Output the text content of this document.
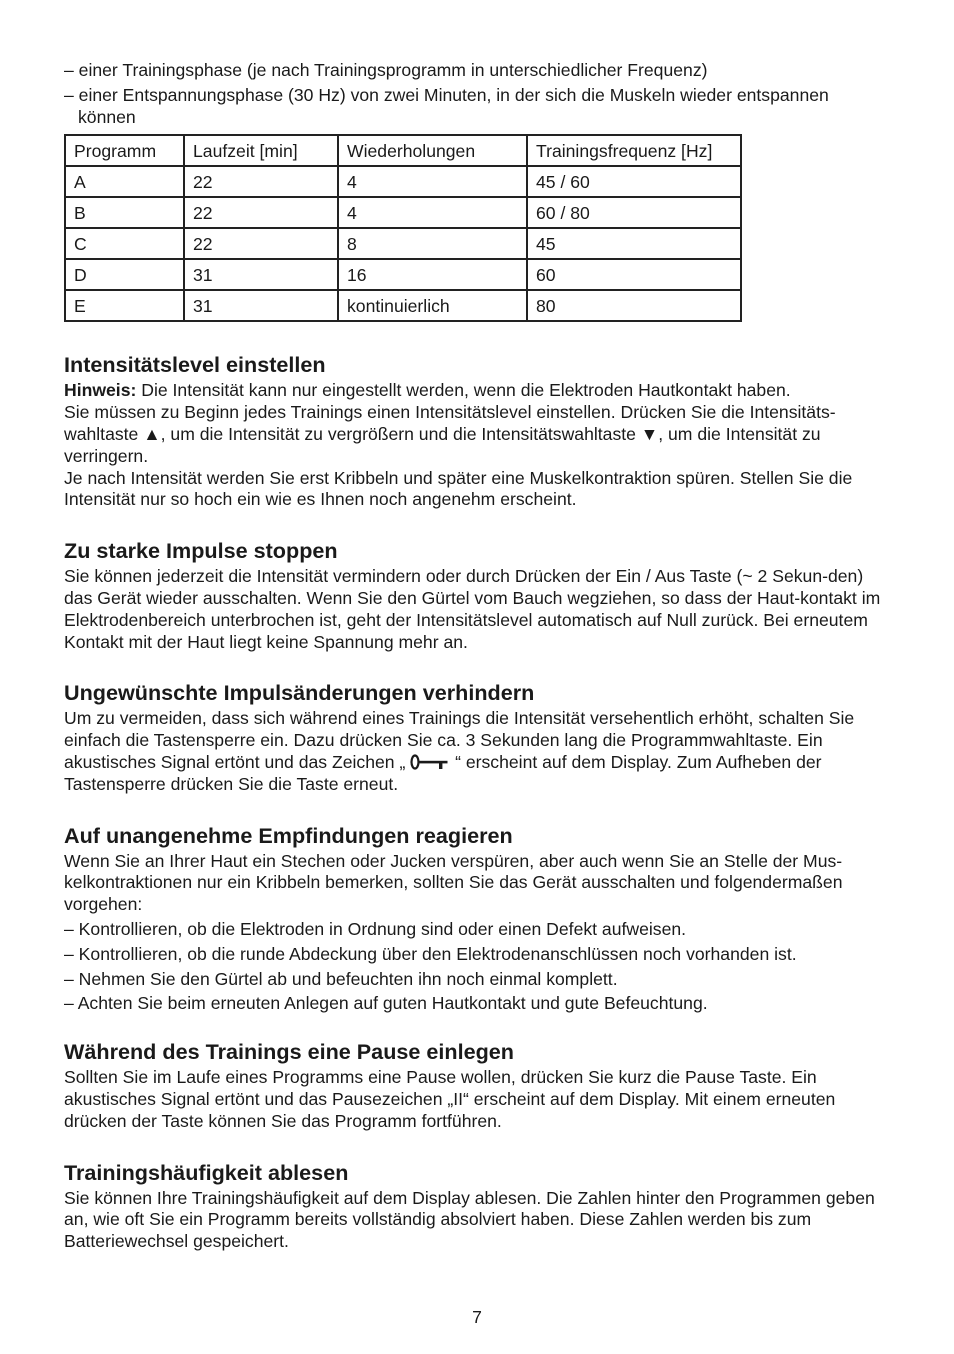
– einer Trainingsphase (je nach Trainingsprogramm in unterschiedlicher Frequenz)

– einer Entspannungsphase (30 Hz) von zwei Minuten, in der sich die Muskeln wieder entspannen können

Programm	Laufzeit [min]	Wiederholungen	Trainingsfrequenz [Hz]
A	22	4	45 / 60
B	22	4	60 / 80
C	22	8	45
D	31	16	60
E	31	kontinuierlich	80
Intensitätslevel einstellen

Hinweis: Die Intensität kann nur eingestellt werden, wenn die Elektroden Hautkontakt haben.

Sie müssen zu Beginn jedes Trainings einen Intensitätslevel einstellen. Drücken Sie die Intensitäts-wahltaste ▲, um die Intensität zu vergrößern und die Intensitätswahltaste ▼, um die Intensität zu verringern.

Je nach Intensität werden Sie erst Kribbeln und später eine Muskelkontraktion spüren. Stellen Sie die Intensität nur so hoch ein wie es Ihnen noch angenehm erscheint.

Zu starke Impulse stoppen

Sie können jederzeit die Intensität vermindern oder durch Drücken der Ein / Aus Taste (~ 2 Sekun-den) das Gerät wieder ausschalten. Wenn Sie den Gürtel vom Bauch wegziehen, so dass der Haut-kontakt im Elektrodenbereich unterbrochen ist, geht der Intensitätslevel automatisch auf Null zurück. Bei erneutem Kontakt mit der Haut liegt keine Spannung mehr an.

Ungewünschte Impulsänderungen verhindern

Um zu vermeiden, dass sich während eines Trainings die Intensität versehentlich erhöht, schalten Sie einfach die Tastensperre ein. Dazu drücken Sie ca. 3 Sekunden lang die Programmwahltaste. Ein akustisches Signal ertönt und das Zeichen „  “ erscheint auf dem Display. Zum Aufheben der Tastensperre drücken Sie die Taste erneut.

Auf unangenehme Empfindungen reagieren

Wenn Sie an Ihrer Haut ein Stechen oder Jucken verspüren, aber auch wenn Sie an Stelle der Mus-kelkontraktionen nur ein Kribbeln bemerken, sollten Sie das Gerät ausschalten und folgendermaßen vorgehen:

– Kontrollieren, ob die Elektroden in Ordnung sind oder einen Defekt aufweisen.

– Kontrollieren, ob die runde Abdeckung über den Elektrodenanschlüssen noch vorhanden ist.

– Nehmen Sie den Gürtel ab und befeuchten ihn noch einmal komplett.

– Achten Sie beim erneuten Anlegen auf guten Hautkontakt und gute Befeuchtung.

Während des Trainings eine Pause einlegen

Sollten Sie im Laufe eines Programms eine Pause wollen, drücken Sie kurz die Pause Taste. Ein akustisches Signal ertönt und das Pausezeichen „II“ erscheint auf dem Display. Mit einem erneuten drücken der Taste können Sie das Programm fortführen.

Trainingshäufigkeit ablesen

Sie können Ihre Trainingshäufigkeit auf dem Display ablesen. Die Zahlen hinter den Programmen geben an, wie oft Sie ein Programm bereits vollständig absolviert haben. Diese Zahlen werden bis zum Batteriewechsel gespeichert.

7
